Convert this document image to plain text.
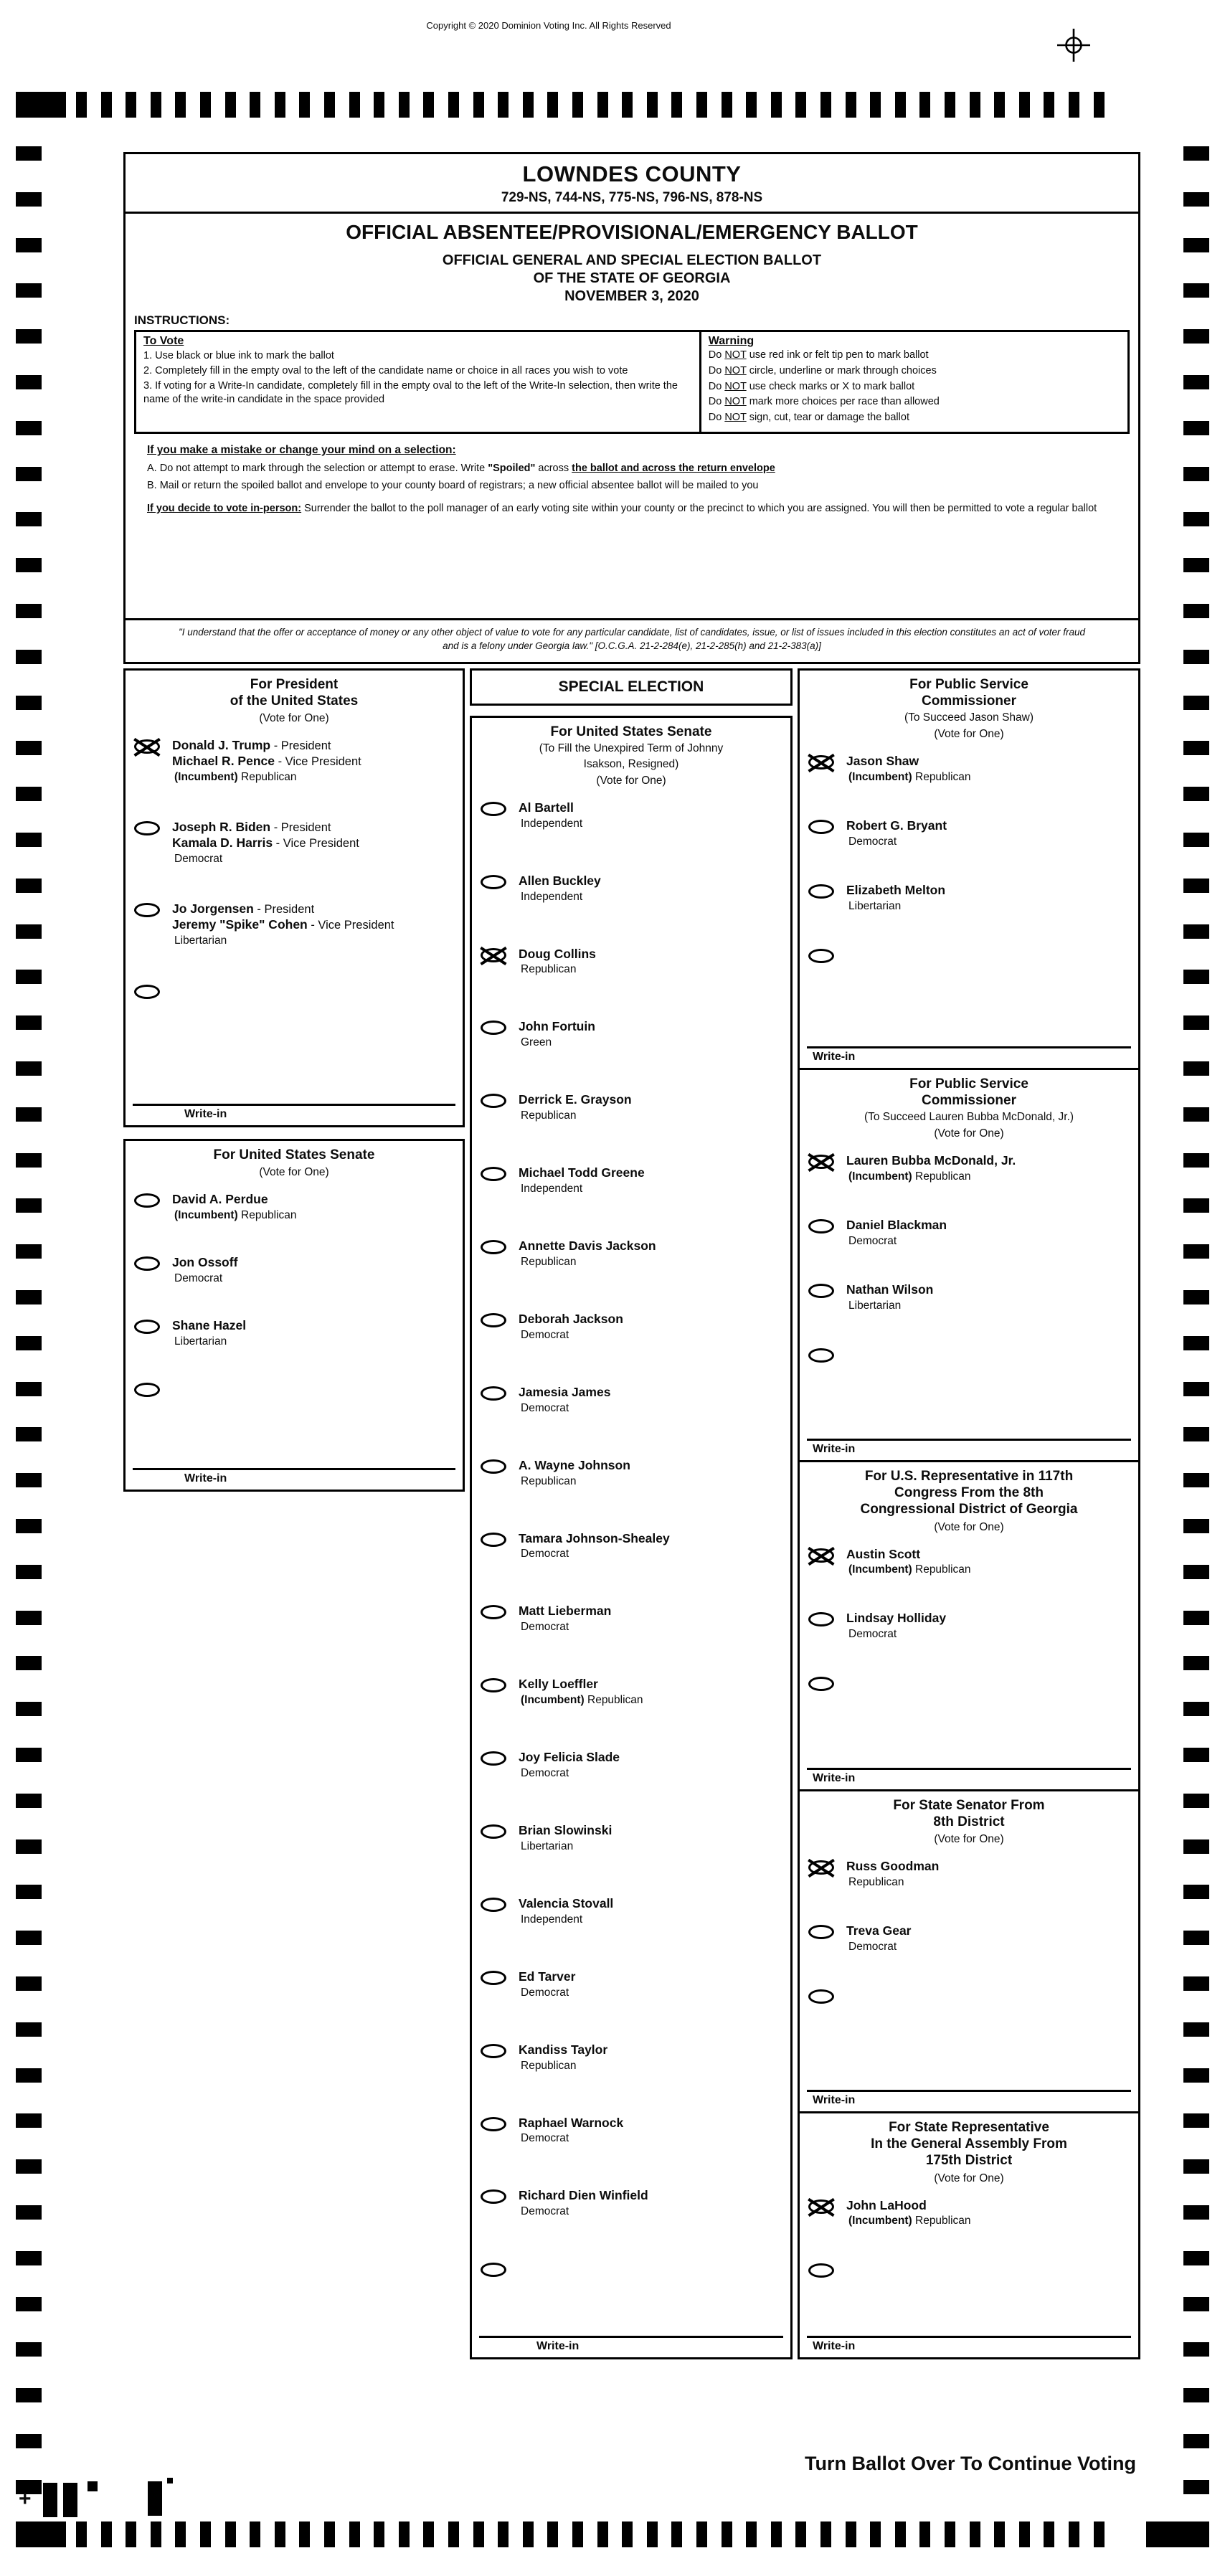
Copyright © 2020 Dominion Voting Inc. All Rights Reserved
+
LOWNDES COUNTY
729-NS, 744-NS, 775-NS, 796-NS, 878-NS
OFFICIAL ABSENTEE/PROVISIONAL/EMERGENCY BALLOT
OFFICIAL GENERAL AND SPECIAL ELECTION BALLOT
OF THE STATE OF GEORGIA
NOVEMBER 3, 2020
INSTRUCTIONS:
To Vote
1. Use black or blue ink to mark the ballot
2. Completely fill in the empty oval to the left of the candidate name or choice in all races you wish to vote
3. If voting for a Write-In candidate, completely fill in the empty oval to the left of the Write-In selection, then write the name of the write-in candidate in the space provided
Warning
Do NOT use red ink or felt tip pen to mark ballot
Do NOT circle, underline or mark through choices
Do NOT use check marks or X to mark ballot
Do NOT mark more choices per race than allowed
Do NOT sign, cut, tear or damage the ballot
If you make a mistake or change your mind on a selection:
A. Do not attempt to mark through the selection or attempt to erase. Write "Spoiled" across the ballot and across the return envelope
B. Mail or return the spoiled ballot and envelope to your county board of registrars; a new official absentee ballot will be mailed to you
If you decide to vote in-person: Surrender the ballot to the poll manager of an early voting site within your county or the precinct to which you are assigned. You will then be permitted to vote a regular ballot
"I understand that the offer or acceptance of money or any other object of value to vote for any particular candidate, list of candidates, issue, or list of issues included in this election constitutes an act of voter fraud and is a felony under Georgia law." [O.C.G.A. 21-2-284(e), 21-2-285(h) and 21-2-383(a)]
For President
of the United States
(Vote for One)
Donald J. Trump - President
Michael R. Pence - Vice President
(Incumbent) Republican
Joseph R. Biden - President
Kamala D. Harris - Vice President
Democrat
Jo Jorgensen - President
Jeremy "Spike" Cohen - Vice President
Libertarian
Write-in
For United States Senate
(Vote for One)
David A. Perdue
(Incumbent) Republican
Jon Ossoff
Democrat
Shane Hazel
Libertarian
Write-in
SPECIAL ELECTION
For United States Senate
(To Fill the Unexpired Term of Johnny
Isakson, Resigned)
(Vote for One)
Al Bartell
Independent
Allen Buckley
Independent
Doug Collins
Republican
John Fortuin
Green
Derrick E. Grayson
Republican
Michael Todd Greene
Independent
Annette Davis Jackson
Republican
Deborah Jackson
Democrat
Jamesia James
Democrat
A. Wayne Johnson
Republican
Tamara Johnson-Shealey
Democrat
Matt Lieberman
Democrat
Kelly Loeffler
(Incumbent) Republican
Joy Felicia Slade
Democrat
Brian Slowinski
Libertarian
Valencia Stovall
Independent
Ed Tarver
Democrat
Kandiss Taylor
Republican
Raphael Warnock
Democrat
Richard Dien Winfield
Democrat
Write-in
For Public Service
Commissioner
(To Succeed Jason Shaw)
(Vote for One)
Jason Shaw
(Incumbent) Republican
Robert G. Bryant
Democrat
Elizabeth Melton
Libertarian
Write-in
For Public Service
Commissioner
(To Succeed Lauren Bubba McDonald, Jr.)
(Vote for One)
Lauren Bubba McDonald, Jr.
(Incumbent) Republican
Daniel Blackman
Democrat
Nathan Wilson
Libertarian
Write-in
For U.S. Representative in 117th
Congress From the 8th
Congressional District of Georgia
(Vote for One)
Austin Scott
(Incumbent) Republican
Lindsay Holliday
Democrat
Write-in
For State Senator From
8th District
(Vote for One)
Russ Goodman
Republican
Treva Gear
Democrat
Write-in
For State Representative
In the General Assembly From
175th District
(Vote for One)
John LaHood
(Incumbent) Republican
Write-in
Turn Ballot Over To Continue Voting
